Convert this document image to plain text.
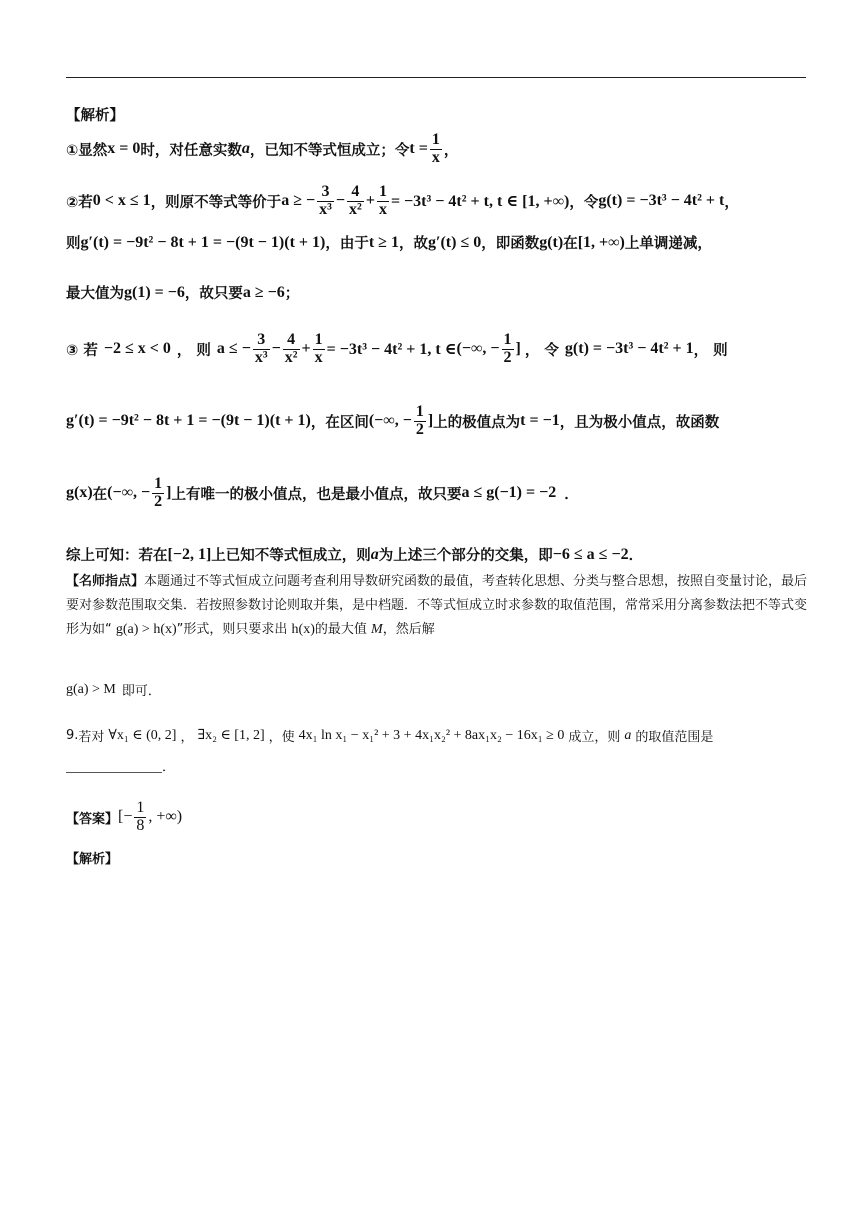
【解析】
①显然 x = 0 时，对任意实数 a ，已知不等式恒成立；令 $t = \frac{1}{x}$ ，
②若 0 < x ≤ 1 ，则原不等式等价于 a ≥ − $\frac{3}{\text{x³}} - \frac{4}{\text{x²}} + \frac{1}{x} = -3t^3 - 4t^2 + t$, t ∈ [1, +∞) ，令 g(t) = −3t³ − 4t² + t ，
则 g′(t) = −9t² − 8t + 1 = −(9t − 1)(t + 1) ，由于 t ≥ 1 ，故 g′(t) ≤ 0 ，即函数 g(t) 在 [1, +∞) 上单调递减，
最大值为 g(1) = −6 ，故只要 a ≥ −6 ；
③ 若 −2 ≤ x < 0 ， 则 a ≤ − $\frac{3}{\text{x³}} - \frac{4}{\text{x²}} + \frac{1}{x} = -3t^3 - 4t^2 + 1$, t ∈ (−∞, − $\frac{1}{2}$ ] ， 令 g(t) = −3t³ − 4t² + 1 ， 则
g′(t) = −9t² − 8t + 1 = −(9t − 1)(t + 1) ，在区间 (−∞, − $\frac{1}{2}$ ] 上的极值点为 t = −1 ，且为极小值点，故函数
g(x) 在 (−∞, − $\frac{1}{2}$ ] 上有唯一的极小值点，也是最小值点，故只要 a ≤ g(−1) = −2 ．
综上可知：若在 [−2, 1] 上已知不等式恒成立，则 a 为上述三个部分的交集，即 −6 ≤ a ≤ −2 ．
【名师指点】本题通过不等式恒成立问题考查利用导数研究函数的最值，考查转化思想、分类与整合思想，按照自变量讨论，最后要对参数范围取交集．若按照参数讨论则取并集，是中档题．不等式恒成立时求参数的取值范围，常常采用分离参数法把不等式变形为如“ g(a) > h(x)”形式，则只要求出 h(x)的最大值 M，然后解
g(a) > M 即可．
9. 若对 ∀x₁ ∈ (0, 2] ， ∃x₂ ∈ [1, 2] ，使 4x₁ ln x₁ − x₁² + 3 + 4x₁x₂² + 8ax₁x₂ − 16x₁ ≥ 0 成立，则 a 的取值范围是
．
【答案】 [− $\frac{1}{8}$ , +∞)
【解析】
